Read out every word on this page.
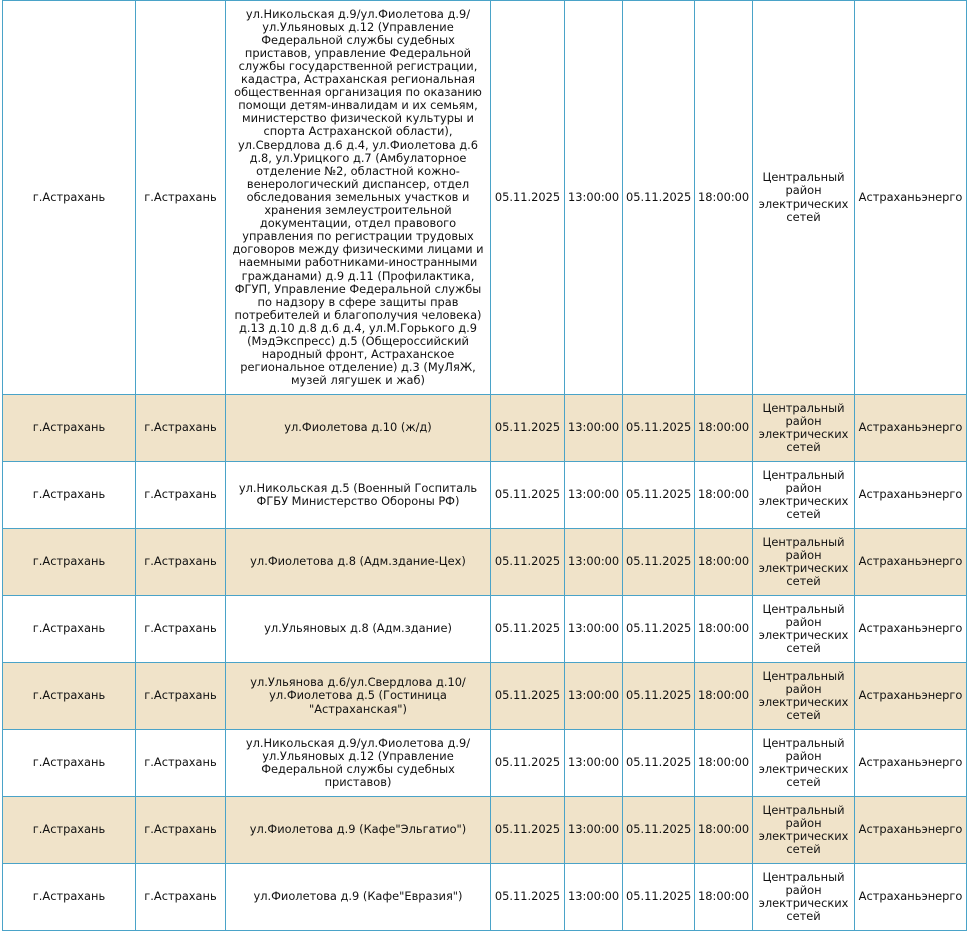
г.Астрахань	г.Астрахань	ул.Никольская д.9/ул.Фиолетова д.9/ ул.Ульяновых д.12 (Управление Федеральной службы судебных приставов, управление Федеральной службы государственной регистрации, кадастра, Астраханская региональная общественная организация по оказанию помощи детям-инвалидам и их семьям, министерство физической культуры и спорта Астраханской области), ул.Свердлова д.6 д.4, ул.Фиолетова д.6 д.8, ул.Урицкого д.7 (Амбулаторное отделение №2, областной кожно-венерологический диспансер, отдел обследования земельных участков и хранения землеустроительной документации, отдел правового управления по регистрации трудовых договоров между физическими лицами и наемными работниками-иностранными гражданами) д.9 д.11 (Профилактика, ФГУП, Управление Федеральной службы по надзору в сфере защиты прав потребителей и благополучия человека) д.13 д.10 д.8 д.6 д.4, ул.М.Горького д.9 (МэдЭкспресс) д.5 (Общероссийский народный фронт, Астраханское региональное отделение) д.3 (МуЛяЖ, музей лягушек и жаб)	05.11.2025	13:00:00	05.11.2025	18:00:00	Центральный район электрических сетей	Астраханьэнерго
г.Астрахань	г.Астрахань	ул.Фиолетова д.10 (ж/д)	05.11.2025	13:00:00	05.11.2025	18:00:00	Центральный район электрических сетей	Астраханьэнерго
г.Астрахань	г.Астрахань	ул.Никольская д.5 (Военный Госпиталь ФГБУ Министерство Обороны РФ)	05.11.2025	13:00:00	05.11.2025	18:00:00	Центральный район электрических сетей	Астраханьэнерго
г.Астрахань	г.Астрахань	ул.Фиолетова д.8 (Адм.здание-Цех)	05.11.2025	13:00:00	05.11.2025	18:00:00	Центральный район электрических сетей	Астраханьэнерго
г.Астрахань	г.Астрахань	ул.Ульяновых д.8 (Адм.здание)	05.11.2025	13:00:00	05.11.2025	18:00:00	Центральный район электрических сетей	Астраханьэнерго
г.Астрахань	г.Астрахань	ул.Ульянова д.6/ул.Свердлова д.10/ ул.Фиолетова д.5 (Гостиница "Астраханская")	05.11.2025	13:00:00	05.11.2025	18:00:00	Центральный район электрических сетей	Астраханьэнерго
г.Астрахань	г.Астрахань	ул.Никольская д.9/ул.Фиолетова д.9/ ул.Ульяновых д.12 (Управление Федеральной службы судебных приставов)	05.11.2025	13:00:00	05.11.2025	18:00:00	Центральный район электрических сетей	Астраханьэнерго
г.Астрахань	г.Астрахань	ул.Фиолетова д.9 (Кафе"Эльгатио")	05.11.2025	13:00:00	05.11.2025	18:00:00	Центральный район электрических сетей	Астраханьэнерго
г.Астрахань	г.Астрахань	ул.Фиолетова д.9 (Кафе"Евразия")	05.11.2025	13:00:00	05.11.2025	18:00:00	Центральный район электрических сетей	Астраханьэнерго
